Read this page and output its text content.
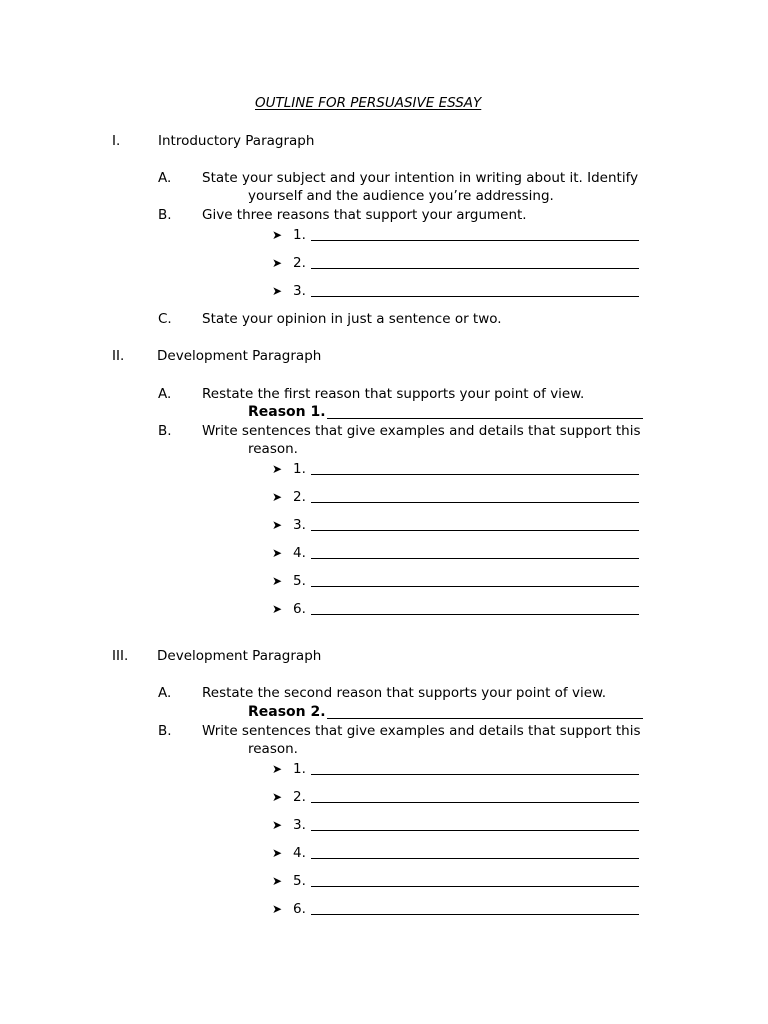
OUTLINE FOR PERSUASIVE ESSAY
I.	Introductory Paragraph
A. State your subject and your intention in writing about it. Identify
yourself and the audience you’re addressing.
B. Give three reasons that support your argument.
➤ 1.
➤ 2.
➤ 3.
C. State your opinion in just a sentence or two.
II. Development Paragraph
A. Restate the first reason that supports your point of view.
Reason 1.
B. Write sentences that give examples and details that support this
reason.
➤ 1.
➤ 2.
➤ 3.
➤ 4.
➤ 5.
➤ 6.
III. Development Paragraph
A. Restate the second reason that supports your point of view.
Reason 2.
B. Write sentences that give examples and details that support this
reason.
➤ 1.
➤ 2.
➤ 3.
➤ 4.
➤ 5.
➤ 6.
